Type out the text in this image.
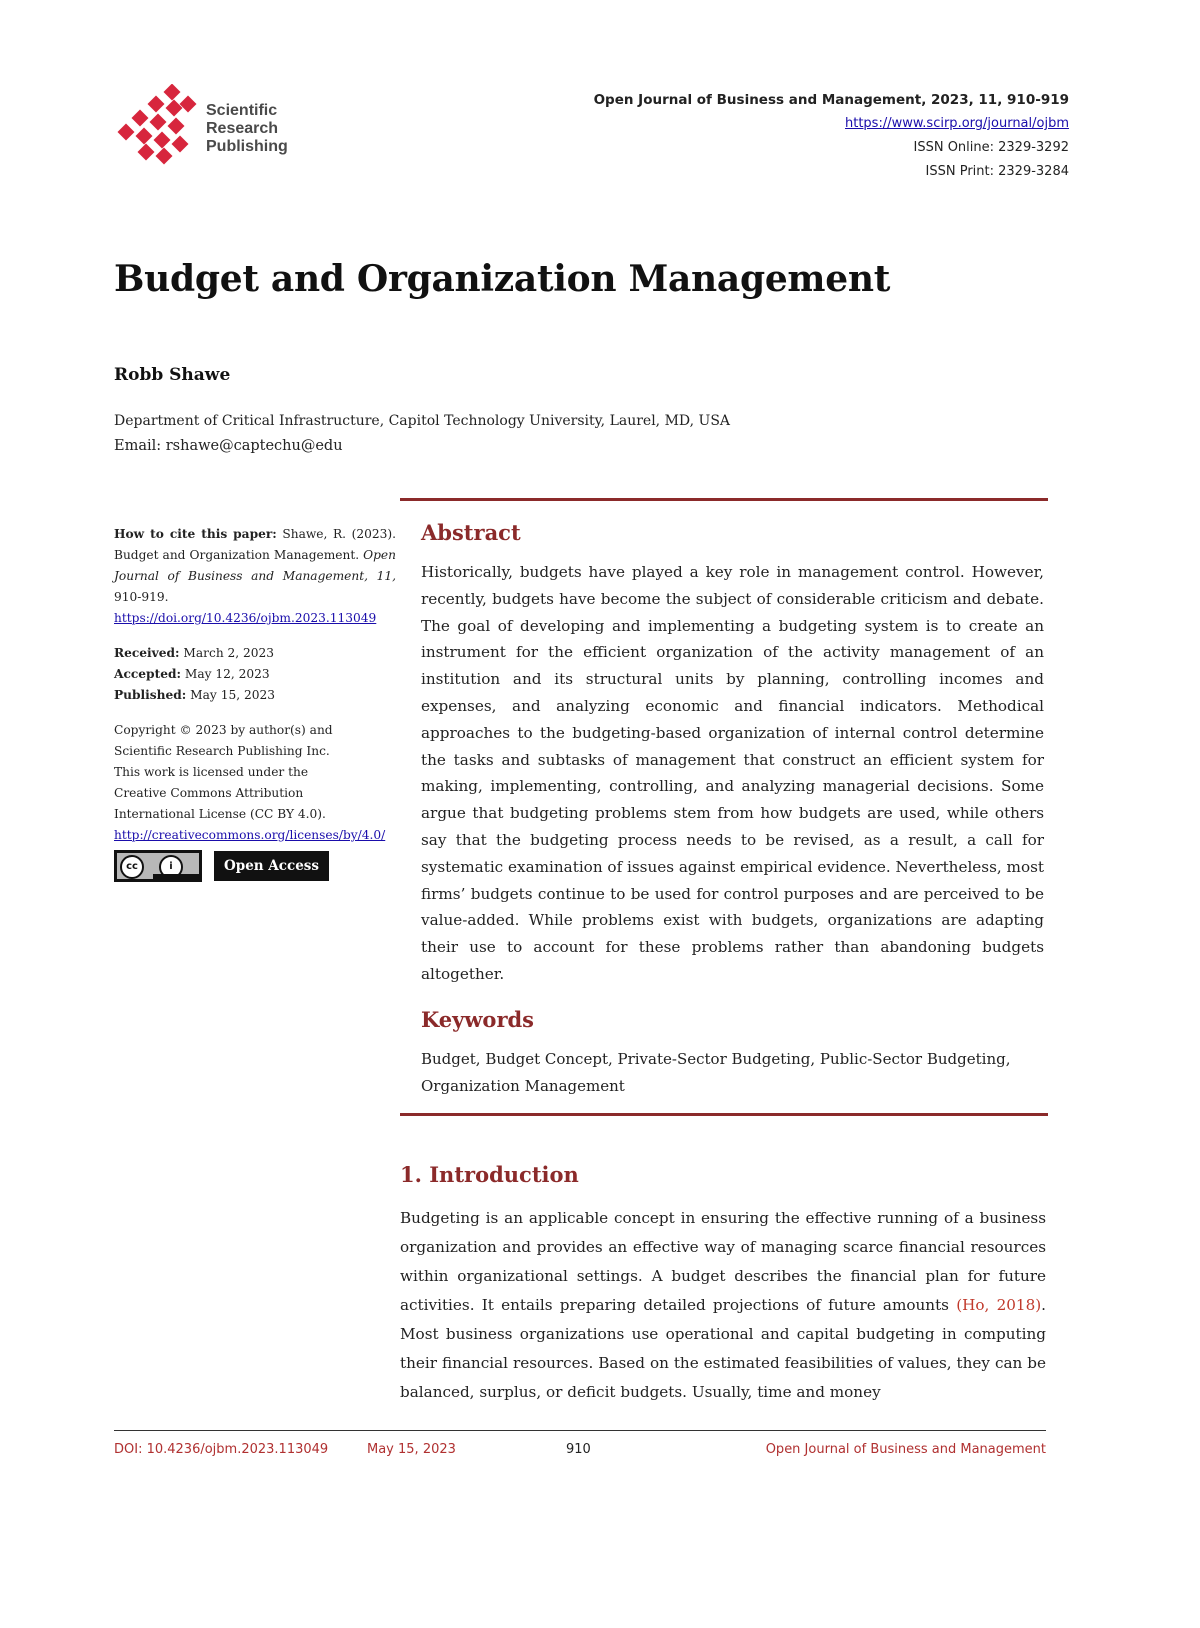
Scientific
Research
Publishing
Open Journal of Business and Management, 2023, 11, 910-919
https://www.scirp.org/journal/ojbm
ISSN Online: 2329-3292
ISSN Print: 2329-3284
Budget and Organization Management
Robb Shawe
Department of Critical Infrastructure, Capitol Technology University, Laurel, MD, USA
Email: rshawe@captechu@edu
How to cite this paper: Shawe, R. (2023). Budget and Organization Management. Open Journal of Business and Management, 11, 910-919.
https://doi.org/10.4236/ojbm.2023.113049
Received: March 2, 2023
Accepted: May 12, 2023
Published: May 15, 2023
Copyright © 2023 by author(s) and Scientific Research Publishing Inc. This work is licensed under the Creative Commons Attribution International License (CC BY 4.0).
http://creativecommons.org/licenses/by/4.0/
cc	i	Open Access
Abstract
Historically, budgets have played a key role in management control. However, recently, budgets have become the subject of considerable criticism and debate. The goal of developing and implementing a budgeting system is to create an instrument for the efficient organization of the activity management of an institution and its structural units by planning, controlling incomes and expenses, and analyzing economic and financial indicators. Methodical approaches to the budgeting-based organization of internal control determine the tasks and subtasks of management that construct an efficient system for making, implementing, controlling, and analyzing managerial decisions. Some argue that budgeting problems stem from how budgets are used, while others say that the budgeting process needs to be revised, as a result, a call for systematic examination of issues against empirical evidence. Nevertheless, most firms’ budgets continue to be used for control purposes and are perceived to be value-added. While problems exist with budgets, organizations are adapting their use to account for these problems rather than abandoning budgets altogether.
Keywords
Budget, Budget Concept, Private-Sector Budgeting, Public-Sector Budgeting, Organization Management
1. Introduction
Budgeting is an applicable concept in ensuring the effective running of a business organization and provides an effective way of managing scarce financial resources within organizational settings. A budget describes the financial plan for future activities. It entails preparing detailed projections of future amounts (Ho, 2018). Most business organizations use operational and capital budgeting in computing their financial resources. Based on the estimated feasibilities of values, they can be balanced, surplus, or deficit budgets. Usually, time and money
DOI: 10.4236/ojbm.2023.113049	May 15, 2023	910	Open Journal of Business and Management
